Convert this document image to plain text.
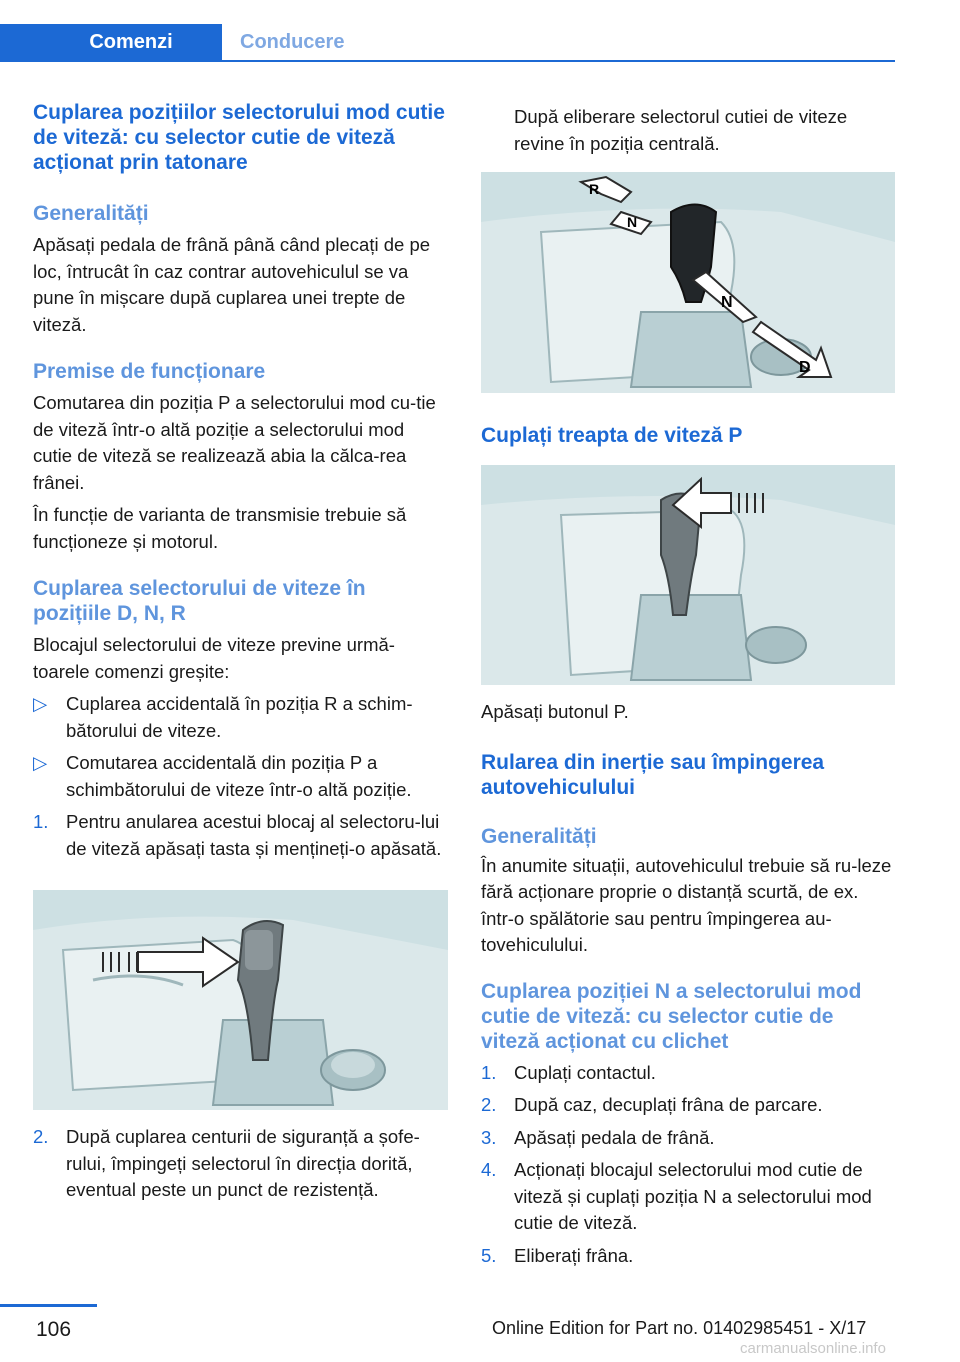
Comenzi	Conducere
Cuplarea pozițiilor selectorului mod cutie de viteză: cu selector cutie de viteză acționat prin tatonare
Generalități

Apăsați pedala de frână până când plecați de pe loc, întrucât în caz contrar autovehiculul se va pune în mișcare după cuplarea unei trepte de viteză.

Premise de funcționare

Comutarea din poziția P a selectorului mod cu‐tie de viteză într‑o altă poziție a selectorului mod cutie de viteză se realizează abia la călca‐rea frânei.

În funcție de varianta de transmisie trebuie să funcționeze și motorul.

Cuplarea selectorului de viteze în pozițiile D, N, R

Blocajul selectorului de viteze previne urmă‐toarele comenzi greșite:

▷	Cuplarea accidentală în poziția R a schim‐bătorului de viteze.
▷	Comutarea accidentală din poziția P a schimbătorului de viteze într‑o altă poziție.
1. Pentru anularea acestui blocaj al selectoru‐lui de viteză apăsați tasta și mențineți‑o apăsată.
2. După cuplarea centurii de siguranță a șofe‐rului, împingeți selectorul în direcția dorită, eventual peste un punct de rezistență.

După eliberare selectorul cutiei de viteze revine în poziția centrală.

R
N
N
D
Cuplați treapta de viteză P

Apăsați butonul P.

Rularea din inerție sau împingerea autovehiculului
Generalități

În anumite situații, autovehiculul trebuie să ru‐leze fără acționare proprie o distanță scurtă, de ex. într‑o spălătorie sau pentru împingerea au‐tovehiculului.

Cuplarea poziției N a selectorului mod cutie de viteză: cu selector cutie de viteză acționat cu clichet
1. Cuplați contactul.
2. După caz, decuplați frâna de parcare.
3. Apăsați pedala de frână.
4. Acționați blocajul selectorului mod cutie de viteză și cuplați poziția N a selectorului mod cutie de viteză.
5. Eliberați frâna.
106	Online Edition for Part no. 01402985451 - X/17
carmanualsonline.info
